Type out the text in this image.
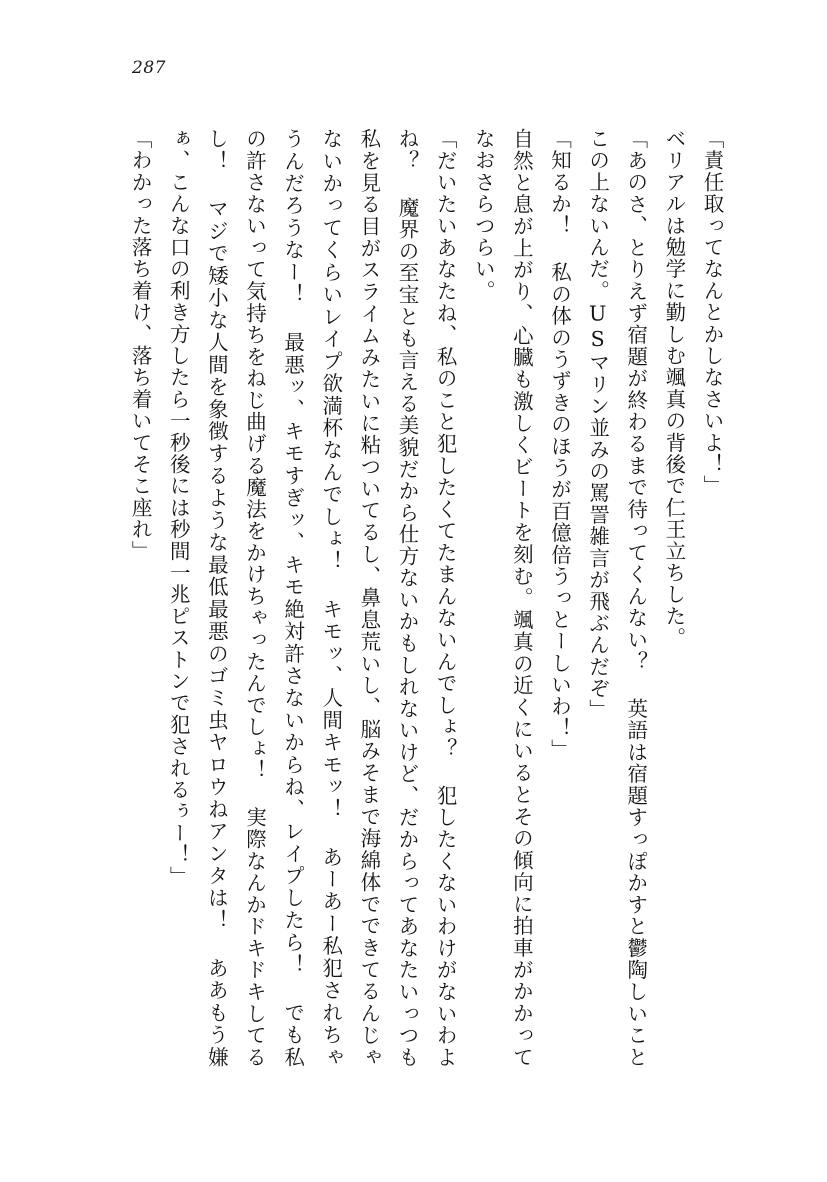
287

「責任取ってなんとかしなさいよ！」

ベリアルは勉学に勤しむ颯真の背後で仁王立ちした。

「あのさ、とりえず宿題が終わるまで待ってくんない？ 英語は宿題すっぽかすと鬱陶しいことこの上ないんだ。USマリン並みの罵詈雑言が飛ぶんだぞ」

「知るか！ 私の体のうずきのほうが百億倍うっとーしいわ！」

自然と息が上がり、心臓も激しくビートを刻む。颯真の近くにいるとその傾向に拍車がかかってなおさらつらい。

「だいたいあなたね、私のこと犯したくてたまんないんでしょ？ 犯したくないわけがないわよね？ 魔界の至宝とも言える美貌だから仕方ないかもしれないけど、だからってあなたいっつも私を見る目がスライムみたいに粘ついてるし、鼻息荒いし、脳みそまで海綿体でできてるんじゃないかってくらいレイプ欲満杯なんでしょ！ キモッ、人間キモッ！ あーあー私犯されちゃうんだろうなー！ 最悪ッ、キモすぎッ、キモ絶対許さないからね、レイプしたら！ でも私の許さないって気持ちをねじ曲げる魔法をかけちゃったんでしょ！ 実際なんかドキドキしてるし！ マジで矮小な人間を象徴するような最低最悪のゴミ虫ヤロウねアンタは！ ああもう嫌ぁ、こんな口の利き方したら一秒後には秒間一兆ピストンで犯されるぅー！」

「わかった落ち着け、落ち着いてそこ座れ」
